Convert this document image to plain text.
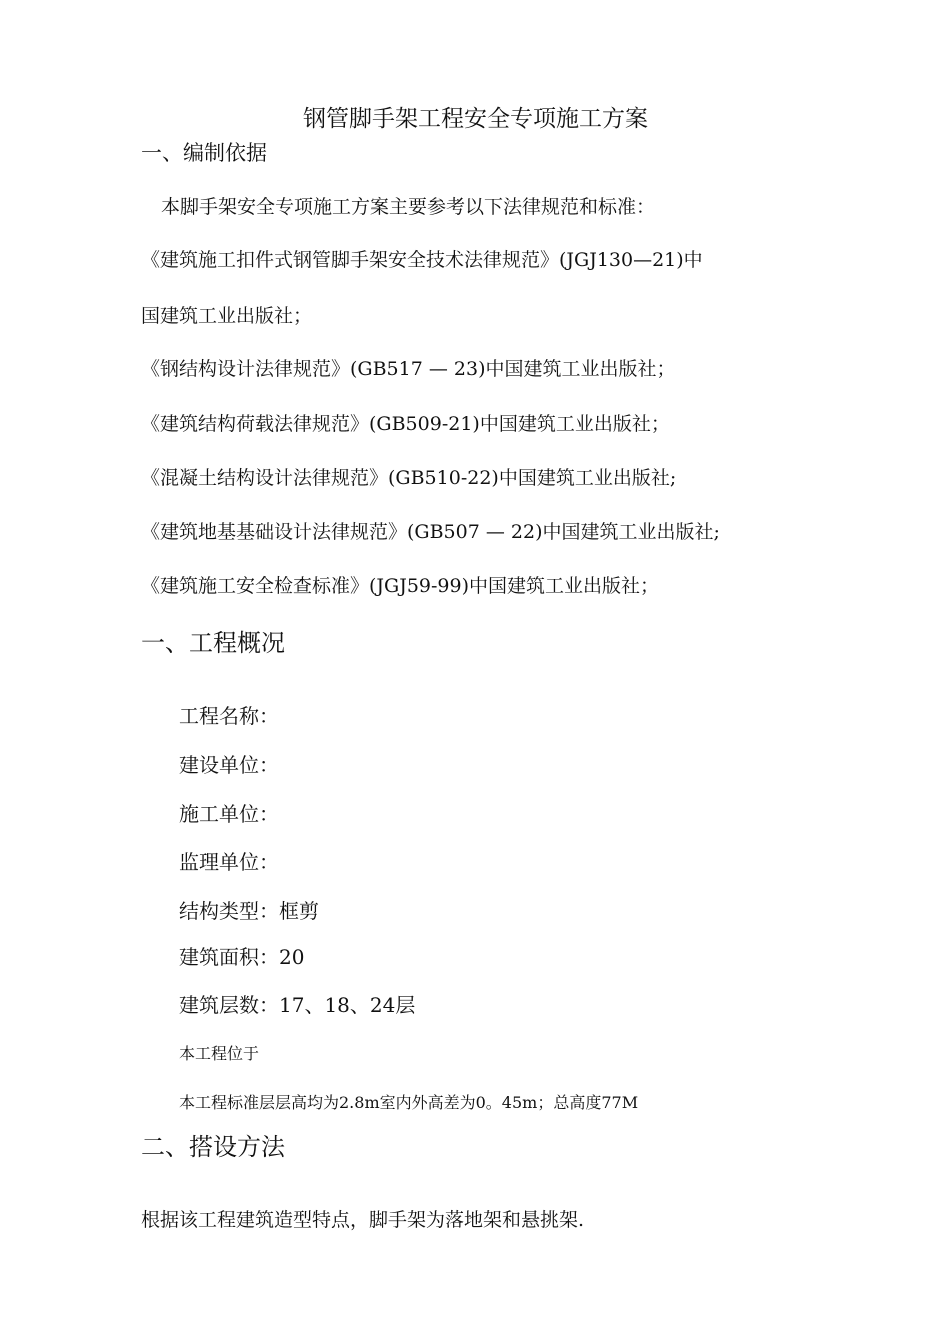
钢管脚手架工程安全专项施工方案
一、编制依据
本脚手架安全专项施工方案主要参考以下法律规范和标准：
《建筑施工扣件式钢管脚手架安全技术法律规范》(JGJ130—21)中
国建筑工业出版社；
《钢结构设计法律规范》(GB517 — 23)中国建筑工业出版社；
《建筑结构荷载法律规范》(GB509-21)中国建筑工业出版社；
《混凝土结构设计法律规范》(GB510-22)中国建筑工业出版社;
《建筑地基基础设计法律规范》(GB507 — 22)中国建筑工业出版社;
《建筑施工安全检查标准》(JGJ59-99)中国建筑工业出版社；
一、工程概况
工程名称：
建设单位：
施工单位：
监理单位：
结构类型：框剪
建筑面积：20
建筑层数：17、18、24层
本工程位于
本工程标准层层高均为2.8m室内外高差为0。45m；总高度77M
二、搭设方法
根据该工程建筑造型特点，脚手架为落地架和悬挑架.
